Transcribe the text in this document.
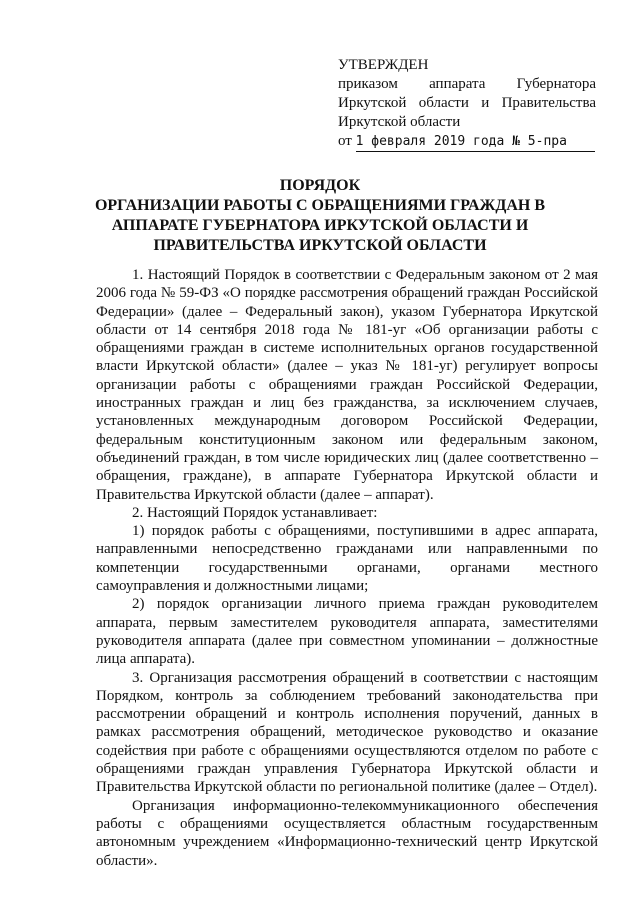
УТВЕРЖДЕН
приказом аппарата Губернатора
Иркутской области и Правительства
Иркутской области
от 1 февраля 2019 года № 5-пра
ПОРЯДОК
ОРГАНИЗАЦИИ РАБОТЫ С ОБРАЩЕНИЯМИ ГРАЖДАН В
АППАРАТЕ ГУБЕРНАТОРА ИРКУТСКОЙ ОБЛАСТИ И
ПРАВИТЕЛЬСТВА ИРКУТСКОЙ ОБЛАСТИ

1. Настоящий Порядок в соответствии с Федеральным законом от 2 мая 2006 года № 59-ФЗ «О порядке рассмотрения обращений граждан Российской Федерации» (далее – Федеральный закон), указом Губернатора Иркутской области от 14 сентября 2018 года № 181-уг «Об организации работы с обращениями граждан в системе исполнительных органов государственной власти Иркутской области» (далее – указ № 181-уг) регулирует вопросы организации работы с обращениями граждан Российской Федерации, иностранных граждан и лиц без гражданства, за исключением случаев, установленных международным договором Российской Федерации, федеральным конституционным законом или федеральным законом, объединений граждан, в том числе юридических лиц (далее соответственно – обращения, граждане), в аппарате Губернатора Иркутской области и Правительства Иркутской области (далее – аппарат).

2. Настоящий Порядок устанавливает:

1) порядок работы с обращениями, поступившими в адрес аппарата, направленными непосредственно гражданами или направленными по компетенции государственными органами, органами местного самоуправления и должностными лицами;

2) порядок организации личного приема граждан руководителем аппарата, первым заместителем руководителя аппарата, заместителями руководителя аппарата (далее при совместном упоминании – должностные лица аппарата).

3. Организация рассмотрения обращений в соответствии с настоящим Порядком, контроль за соблюдением требований законодательства при рассмотрении обращений и контроль исполнения поручений, данных в рамках рассмотрения обращений, методическое руководство и оказание содействия при работе с обращениями осуществляются отделом по работе с обращениями граждан управления Губернатора Иркутской области и Правительства Иркутской области по региональной политике (далее – Отдел).

Организация информационно-телекоммуникационного обеспечения работы с обращениями осуществляется областным государственным автономным учреждением «Информационно-технический центр Иркутской области».
